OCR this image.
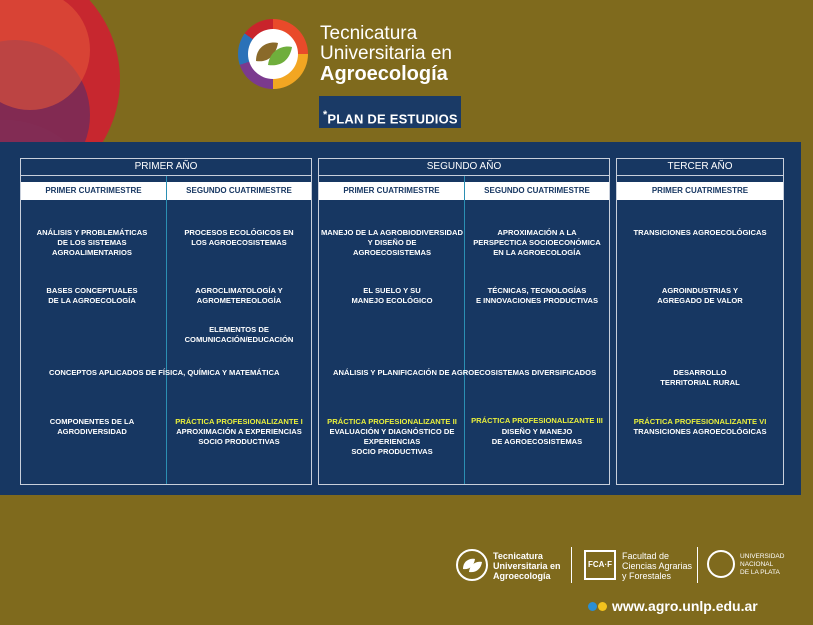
Tecnicatura
Universitaria en
Agroecología
*PLAN DE ESTUDIOS
PRIMER AÑO
PRIMER CUATRIMESTRE	SEGUNDO CUATRIMESTRE
SEGUNDO AÑO
PRIMER CUATRIMESTRE	SEGUNDO CUATRIMESTRE
TERCER AÑO
PRIMER CUATRIMESTRE
ANÁLISIS Y PROBLEMÁTICAS
DE LOS SISTEMAS
AGROALIMENTARIOS
BASES CONCEPTUALES
DE LA AGROECOLOGÍA
CONCEPTOS APLICADOS DE FÍSICA, QUÍMICA Y MATEMÁTICA
COMPONENTES DE LA
AGRODIVERSIDAD
PROCESOS ECOLÓGICOS EN
LOS AGROECOSISTEMAS
AGROCLIMATOLOGÍA Y
AGROMETEREOLOGÍA
ELEMENTOS DE
COMUNICACIÓN/EDUCACIÓN
PRÁCTICA PROFESIONALIZANTE I
APROXIMACIÓN A EXPERIENCIAS
SOCIO PRODUCTIVAS
MANEJO DE LA AGROBIODIVERSIDAD
Y DISEÑO DE
AGROECOSISTEMAS
EL SUELO Y SU
MANEJO ECOLÓGICO
ANÁLISIS Y PLANIFICACIÓN DE AGROECOSISTEMAS DIVERSIFICADOS
PRÁCTICA PROFESIONALIZANTE II
EVALUACIÓN Y DIAGNÓSTICO DE
EXPERIENCIAS
SOCIO PRODUCTIVAS
APROXIMACIÓN A LA
PERSPECTICA SOCIOECONÓMICA
EN LA AGROECOLOGÍA
TÉCNICAS, TECNOLOGÍAS
E INNOVACIONES PRODUCTIVAS
PRÁCTICA PROFESIONALIZANTE III
DISEÑO Y MANEJO
DE AGROECOSISTEMAS
TRANSICIONES AGROECOLÓGICAS
AGROINDUSTRIAS Y
AGREGADO DE VALOR
DESARROLLO
TERRITORIAL RURAL
PRÁCTICA PROFESIONALIZANTE VI
TRANSICIONES AGROECOLÓGICAS
Tecnicatura
Universitaria en
Agroecología
FCA·F
Facultad de
Ciencias Agrarias
y Forestales
UNIVERSIDAD
NACIONAL
DE LA PLATA
www.agro.unlp.edu.ar
